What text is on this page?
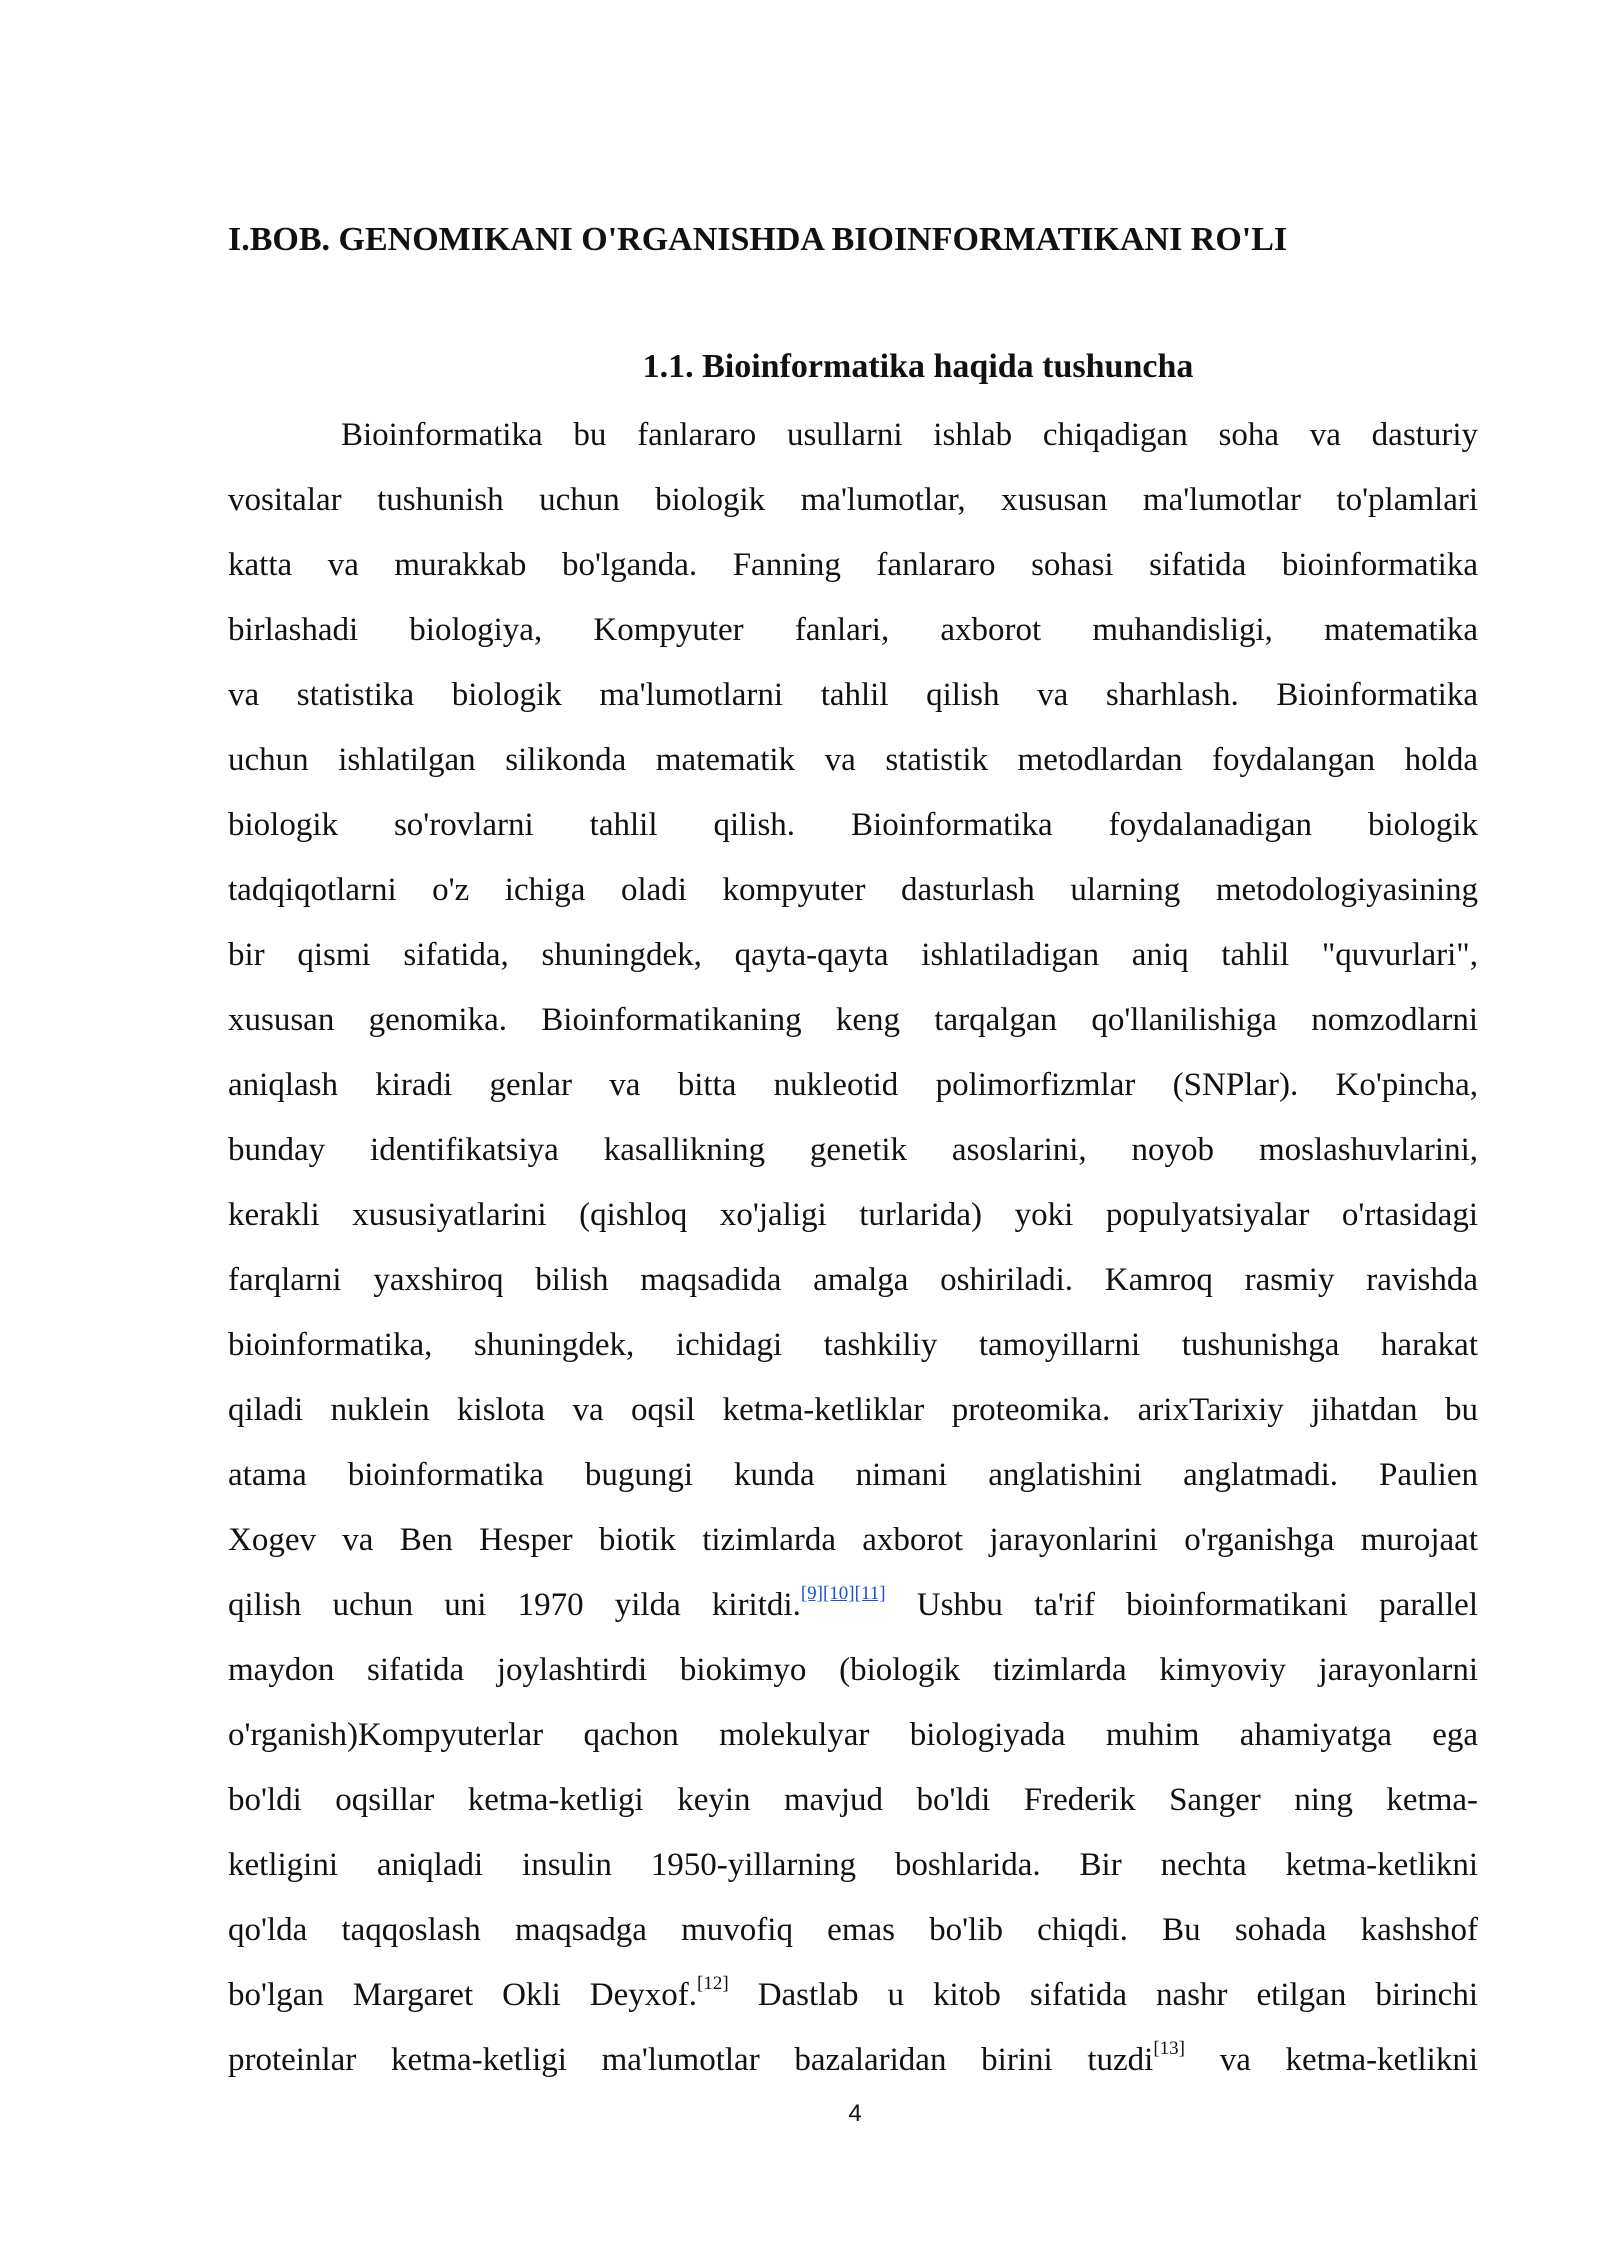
I.BOB. GENOMIKANI O'RGANISHDA BIOINFORMATIKANI RO'LI
1.1. Bioinformatika haqida tushuncha
Bioinformatika bu fanlararo usullarni ishlab chiqadigan soha va dasturiy
vositalar tushunish uchun biologik ma'lumotlar, xususan ma'lumotlar to'plamlari
katta va murakkab bo'lganda. Fanning fanlararo sohasi sifatida bioinformatika
birlashadi biologiya, Kompyuter fanlari, axborot muhandisligi, matematika
va statistika biologik ma'lumotlarni tahlil qilish va sharhlash. Bioinformatika
uchun ishlatilgan silikonda matematik va statistik metodlardan foydalangan holda
biologik so'rovlarni tahlil qilish. Bioinformatika foydalanadigan biologik
tadqiqotlarni o'z ichiga oladi kompyuter dasturlash ularning metodologiyasining
bir qismi sifatida, shuningdek, qayta-qayta ishlatiladigan aniq tahlil "quvurlari",
xususan genomika. Bioinformatikaning keng tarqalgan qo'llanilishiga nomzodlarni
aniqlash kiradi genlar va bitta nukleotid polimorfizmlar (SNPlar). Ko'pincha,
bunday identifikatsiya kasallikning genetik asoslarini, noyob moslashuvlarini,
kerakli xususiyatlarini (qishloq xo'jaligi turlarida) yoki populyatsiyalar o'rtasidagi
farqlarni yaxshiroq bilish maqsadida amalga oshiriladi. Kamroq rasmiy ravishda
bioinformatika, shuningdek, ichidagi tashkiliy tamoyillarni tushunishga harakat
qiladi nuklein kislota va oqsil ketma-ketliklar proteomika. arixTarixiy jihatdan bu
atama bioinformatika bugungi kunda nimani anglatishini anglatmadi. Paulien
Xogev va Ben Hesper biotik tizimlarda axborot jarayonlarini o'rganishga murojaat
qilish uchun uni 1970 yilda kiritdi.[9][10][11] Ushbu ta'rif bioinformatikani parallel
maydon sifatida joylashtirdi biokimyo (biologik tizimlarda kimyoviy jarayonlarni
o'rganish)Kompyuterlar qachon molekulyar biologiyada muhim ahamiyatga ega
bo'ldi oqsillar ketma-ketligi keyin mavjud bo'ldi Frederik Sanger ning ketma-
ketligini aniqladi insulin 1950-yillarning boshlarida. Bir nechta ketma-ketlikni
qo'lda taqqoslash maqsadga muvofiq emas bo'lib chiqdi. Bu sohada kashshof
bo'lgan Margaret Okli Deyxof.[12] Dastlab u kitob sifatida nashr etilgan birinchi
proteinlar ketma-ketligi ma'lumotlar bazalaridan birini tuzdi[13] va ketma-ketlikni
4
